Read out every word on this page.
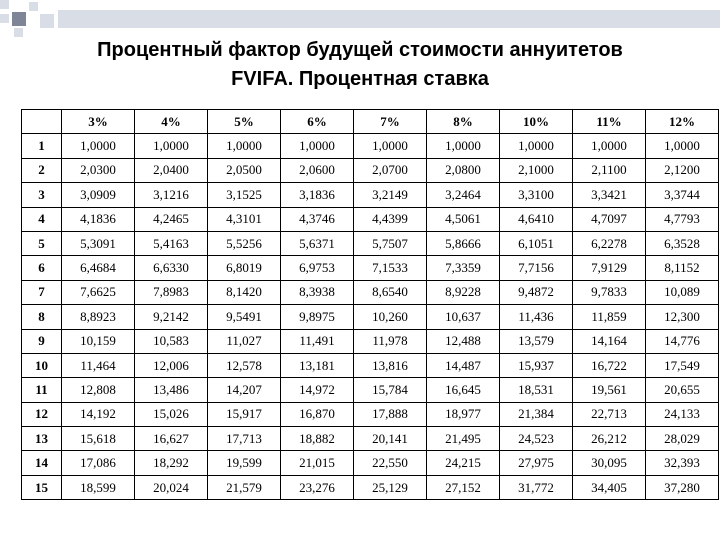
Процентный фактор будущей стоимости аннуитетов
FVIFA. Процентная ставка
	3%	4%	5%	6%	7%	8%	10%	11%	12%
1	1,0000	1,0000	1,0000	1,0000	1,0000	1,0000	1,0000	1,0000	1,0000
2	2,0300	2,0400	2,0500	2,0600	2,0700	2,0800	2,1000	2,1100	2,1200
3	3,0909	3,1216	3,1525	3,1836	3,2149	3,2464	3,3100	3,3421	3,3744
4	4,1836	4,2465	4,3101	4,3746	4,4399	4,5061	4,6410	4,7097	4,7793
5	5,3091	5,4163	5,5256	5,6371	5,7507	5,8666	6,1051	6,2278	6,3528
6	6,4684	6,6330	6,8019	6,9753	7,1533	7,3359	7,7156	7,9129	8,1152
7	7,6625	7,8983	8,1420	8,3938	8,6540	8,9228	9,4872	9,7833	10,089
8	8,8923	9,2142	9,5491	9,8975	10,260	10,637	11,436	11,859	12,300
9	10,159	10,583	11,027	11,491	11,978	12,488	13,579	14,164	14,776
10	11,464	12,006	12,578	13,181	13,816	14,487	15,937	16,722	17,549
11	12,808	13,486	14,207	14,972	15,784	16,645	18,531	19,561	20,655
12	14,192	15,026	15,917	16,870	17,888	18,977	21,384	22,713	24,133
13	15,618	16,627	17,713	18,882	20,141	21,495	24,523	26,212	28,029
14	17,086	18,292	19,599	21,015	22,550	24,215	27,975	30,095	32,393
15	18,599	20,024	21,579	23,276	25,129	27,152	31,772	34,405	37,280
